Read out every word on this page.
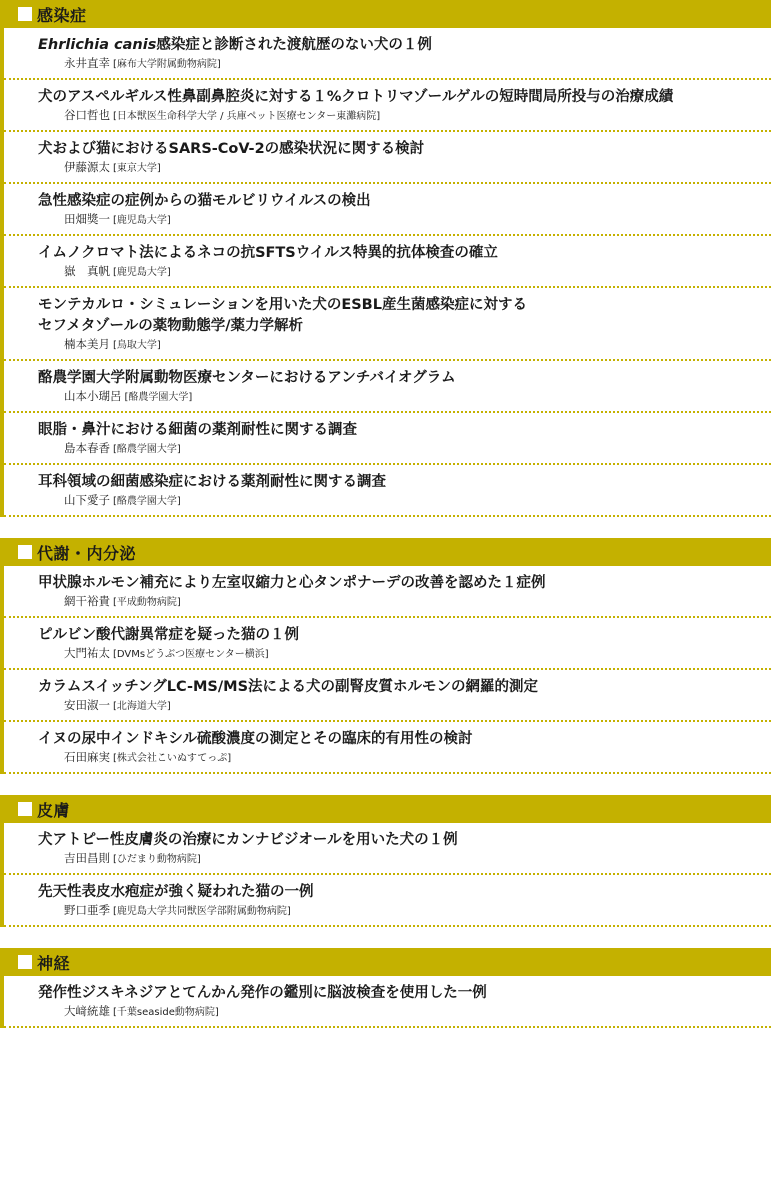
感染症
Ehrlichia canis感染症と診断された渡航歴のない犬の１例
永井直幸 [麻布大学附属動物病院]
犬のアスペルギルス性鼻副鼻腔炎に対する１%クロトリマゾールゲルの短時間局所投与の治療成績
谷口哲也 [日本獣医生命科学大学 / 兵庫ペット医療センター東灘病院]
犬および猫におけるSARS-CoV-2の感染状況に関する検討
伊藤源太 [東京大学]
急性感染症の症例からの猫モルビリウイルスの検出
田畑獎一 [鹿児島大学]
イムノクロマト法によるネコの抗SFTSウイルス特異的抗体検査の確立
嶽　真帆 [鹿児島大学]
モンテカルロ・シミュレーションを用いた犬のESBL産生菌感染症に対する
セフメタゾールの薬物動態学/薬力学解析
楠本美月 [鳥取大学]
酪農学園大学附属動物医療センターにおけるアンチバイオグラム
山本小瑚呂 [酪農学園大学]
眼脂・鼻汁における細菌の薬剤耐性に関する調査
島本春香 [酪農学園大学]
耳科領域の細菌感染症における薬剤耐性に関する調査
山下愛子 [酪農学園大学]
代謝・内分泌
甲状腺ホルモン補充により左室収縮力と心タンポナーデの改善を認めた１症例
網干裕貴 [平成動物病院]
ピルビン酸代謝異常症を疑った猫の１例
大門祐太 [DVMsどうぶつ医療センター横浜]
カラムスイッチングLC-MS/MS法による犬の副腎皮質ホルモンの網羅的測定
安田淑一 [北海道大学]
イヌの尿中インドキシル硫酸濃度の測定とその臨床的有用性の検討
石田麻実 [株式会社こいぬすてっぷ]
皮膚
犬アトピー性皮膚炎の治療にカンナビジオールを用いた犬の１例
吉田昌則 [ひだまり動物病院]
先天性表皮水疱症が強く疑われた猫の一例
野口亜季 [鹿児島大学共同獣医学部附属動物病院]
神経
発作性ジスキネジアとてんかん発作の鑑別に脳波検査を使用した一例
大﨑統雄 [千葉seaside動物病院]
